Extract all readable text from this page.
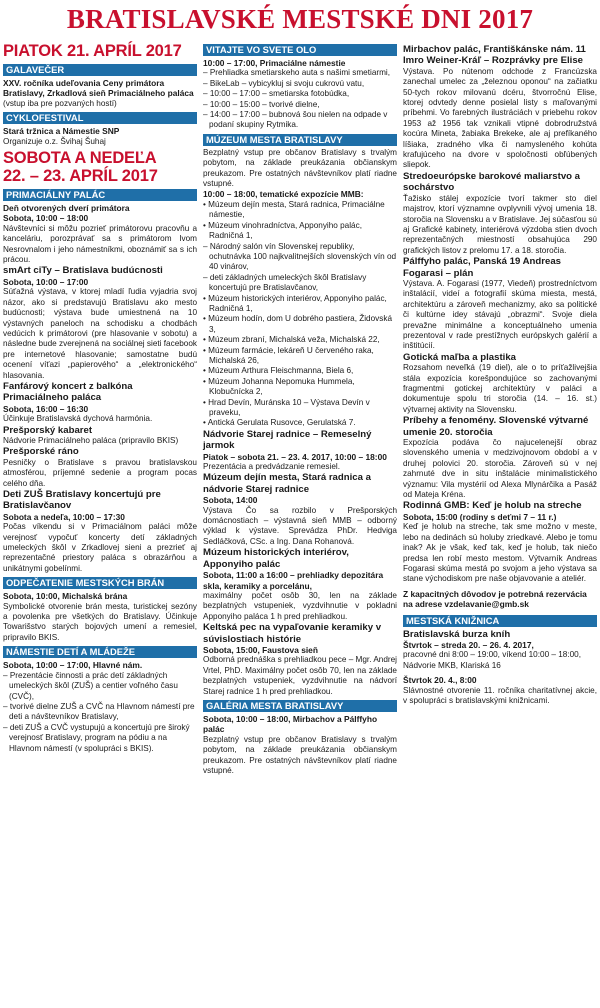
BRATISLAVSKÉ MESTSKÉ DNI 2017
PIATOK 21. APRÍL 2017
GALAVEČER

XXV. ročníka udeľovania Ceny primátora Bratislavy, Zrkadlová sieň Primaciálneho paláca

(vstup iba pre pozvaných hostí)

CYKLOFESTIVAL

Stará tržnica a Námestie SNP

Organizuje o.z. Švihaj Šuhaj

SOBOTA A NEDEĽA
22. – 23. APRÍL 2017
PRIMACIÁLNY PALÁC

Deň otvorených dverí primátora

Sobota, 10:00 – 18:00

Návštevníci si môžu pozrieť primátorovu pracovňu a kanceláriu, porozprávať sa s primátorom Ivom Nesrovnalom i jeho námestníkmi, oboznámiť sa s ich prácou.

smArt ciTy – Bratislava budúcnosti

Sobota, 10:00 – 17:00

Súťažná výstava, v ktorej mladí ľudia vyjadria svoj názor, ako si predstavujú Bratislavu ako mesto budúcnosti; výstava bude umiestnená na 10 výstavných paneloch na schodisku a chodbách vedúcich k primátorovi (pre hlasovanie v sobotu) a následne bude zverejnená na sociálnej sieti facebook pre internetové hlasovanie; samostatne budú ocenení víťazi „papierového“ a „elektronického“ hlasovania.

Fanfárový koncert z balkóna Primaciálneho paláca

Sobota, 16:00 – 16:30

Účinkuje Bratislavská dychová harmónia.

Prešporský kabaret

Nádvorie Primaciálneho paláca (pripravilo BKIS)

Prešporské ráno

Pesničky o Bratislave s pravou bratislavskou atmosférou, príjemné sedenie a program pocas celého dňa.

Deti ZUŠ Bratislavy koncertujú pre Bratislavčanov

Sobota a nedeľa, 10:00 – 17:30

Počas víkendu si v Primaciálnom paláci môže verejnosť vypočuť koncerty detí základných umeleckých škôl v Zrkadlovej sieni a prezrieť aj reprezentačné priestory paláca s obrazárňou a unikátnymi gobelínmi.

ODPEČATENIE MESTSKÝCH BRÁN

Sobota, 10:00, Michalská brána

Symbolické otvorenie brán mesta, turistickej sezóny a povolenka pre všetkých do Bratislavy. Účinkuje Towarišstvo starých bojových umení a remesiel, pripravilo BKIS.

NÁMESTIE DETÍ A MLÁDEŽE

Sobota, 10:00 – 17:00, Hlavné nám.

– Prezentácie činnosti a prác detí základných umeleckých škôl (ZUŠ) a centier voľného času (CVČ),
– tvorivé dielne ZUŠ a CVČ na Hlavnom námestí pre deti a návštevníkov Bratislavy,
– deti ZUŠ a CVČ vystupujú a koncertujú pre široký verejnosť Bratislavy, program na pódiu a na Hlavnom námestí (v spolupráci s BKIS).
VITAJTE VO SVETE OLO

10:00 – 17:00, Primaciálne námestie

– Prehliadka smetiarskeho auta s našimi smetiarmi,
– BikeLab – vybicykluj si svoju cukrovú vatu,
– 10:00 – 17:00 – smetiarska fotobúdka,
– 10:00 – 15:00 – tvorivé dielne,
– 14:00 – 17:00 – bubnová šou nielen na odpade v podaní skupiny Rytmika.
MÚZEUM MESTA BRATISLAVY

Bezplatný vstup pre občanov Bratislavy s trvalým pobytom, na základe preukázania občianskym preukazom. Pre ostatných návštevníkov platí riadne vstupné.

10:00 – 18:00, tematické expozície MMB:

• Múzeum dejín mesta, Stará radnica, Primaciálne námestie,
• Múzeum vinohradníctva, Apponyiho palác, Radničná 1,
– Národný salón vín Slovenskej republiky, ochutnávka 100 najkvalitnejších slovenských vín od 40 vinárov,
– deti základných umeleckých škôl Bratislavy koncertujú pre Bratislavčanov,
• Múzeum historických interiérov, Apponyiho palác, Radničná 1,
• Múzeum hodín, dom U dobrého pastiera, Židovská 3,
• Múzeum zbraní, Michalská veža, Michalská 22,
• Múzeum farmácie, lekáreň U červeného raka, Michalská 26,
• Múzeum Arthura Fleischmanna, Biela 6,
• Múzeum Johanna Nepomuka Hummela, Klobučnícka 2,
• Hrad Devín, Muránska 10 – Výstava Devín v praveku,
• Antická Gerulata Rusovce, Gerulatská 7.

Nádvorie Starej radnice – Remeselný jarmok

Piatok – sobota 21. – 23. 4. 2017, 10:00 – 18:00

Prezentácia a predvádzanie remesiel.

Múzeum dejín mesta, Stará radnica a nádvorie Starej radnice

Sobota, 14:00

Výstava Čo sa rozbilo v Prešporských domácnostiach – výstavná sieň MMB – odborný výklad k výstave. Sprevádza PhDr. Hedviga Sedláčková, CSc. a Ing. Dana Rohanová.

Múzeum historických interiérov, Apponyiho palác

Sobota, 11:00 a 16:00 – prehliadky depozitára skla, keramiky a porcelánu,

maximálny počet osôb 30, len na základe bezplatných vstupeniek, vyzdvihnutie v pokladni Apponyiho paláca 1 h pred prehliadkou.

Keltská pec na vypaľovanie keramiky v súvislostiach histórie

Sobota, 15:00, Faustova sieň

Odborná prednáška s prehliadkou pece – Mgr. Andrej Vrtel, PhD. Maximálny počet osôb 70, len na základe bezplatných vstupeniek, vyzdvihnutie na nádvorí Starej radnice 1 h pred prehliadkou.

GALÉRIA MESTA BRATISLAVY

Sobota, 10:00 – 18:00, Mirbachov a Pálffyho palác

Bezplatný vstup pre občanov Bratislavy s trvalým pobytom, na základe preukázania občianskym preukazom. Pre ostatných návštevníkov platí riadne vstupné.

Mirbachov palác, Františkánske nám. 11 Imro Weiner-Kráľ – Rozprávky pre Elise

Výstava. Po nútenom odchode z Francúzska zanechal umelec za „železnou oponou“ na začiatku 50-tych rokov milovanú dcéru, štvorročnú Elise, ktorej odvtedy denne posielal listy s maľovanými príbehmi. Vo farebných ilustráciách v priebehu rokov 1953 až 1956 tak vznikali vtipné dobrodružstvá kocúra Mineta, žabiaka Brekeke, ale aj prefíkaného líšiaka, zradného vlka či namysleného kohúta krafujúceho na dvore v spoločnosti obľúbených sliepok.

Stredoeurópske barokové maliarstvo a sochárstvo

Ťažisko stálej expozície tvorí takmer sto diel majstrov, ktorí významne ovplyvnili vývoj umenia 18. storočia na Slovensku a v Bratislave. Jej súčasťou sú aj Grafické kabinety, interiérová výzdoba stien dvoch reprezentačných miestností obsahujúca 290 grafických listov z prelomu 17. a 18. storočia.

Pálffyho palác, Panská 19 Andreas Fogarasi – plán

Výstava. A. Fogarasi (1977, Viedeň) prostredníctvom inštalácií, videí a fotografií skúma miesta, mestá, architektúru a zároveň mechanizmy, ako sa politické či kultúrne idey stávajú „obrazmi“. Svoje diela prevažne minimálne a konceptuálneho umenia prezentoval v rade prestížnych európskych galérií a inštitúcií.

Gotická maľba a plastika

Rozsahom neveľká (19 diel), ale o to príťažlivejšia stála expozícia korešpondujúce so zachovanými fragmentmi gotickej architektúry v paláci a dokumentuje spolu tri storočia (14. – 16. st.) výtvarnej aktivity na Slovensku.

Príbehy a fenomény. Slovenské výtvarné umenie 20. storočia

Expozícia podáva čo najucelenejší obraz slovenského umenia v medzivojnovom období a v druhej polovici 20. storočia. Zároveň sú v nej zahrnuté dve in situ inštalácie minimalistického významu: Vila mystérií od Alexa Mlynárčika a Pasáž od Mateja Kréna.

Rodinná GMB: Keď je holub na streche

Sobota, 15:00 (rodiny s deťmi 7 – 11 r.)

Keď je holub na streche, tak sme možno v meste, lebo na dedinách sú holuby zriedkavé. Alebo je tomu inak? Ak je však, keď tak, keď je holub, tak niečo predsa len robí mesto mestom. Výtvarník Andreas Fogarasi skúma mestá po svojom a jeho výstava sa stane východiskom pre naše objavovanie a ateliér.

Z kapacitných dôvodov je potrebná rezervácia na adrese vzdelavanie@gmb.sk

MESTSKÁ KNIŽNICA

Bratislavská burza kníh

Štvrtok – streda 20. – 26. 4. 2017,

pracovné dni 8:00 – 19:00, víkend 10:00 – 18:00, Nádvorie MKB, Klariská 16

Štvrtok 20. 4., 8:00

Slávnostné otvorenie 11. ročníka charitatívnej akcie, v spolupráci s bratislavskými knižnicami.
